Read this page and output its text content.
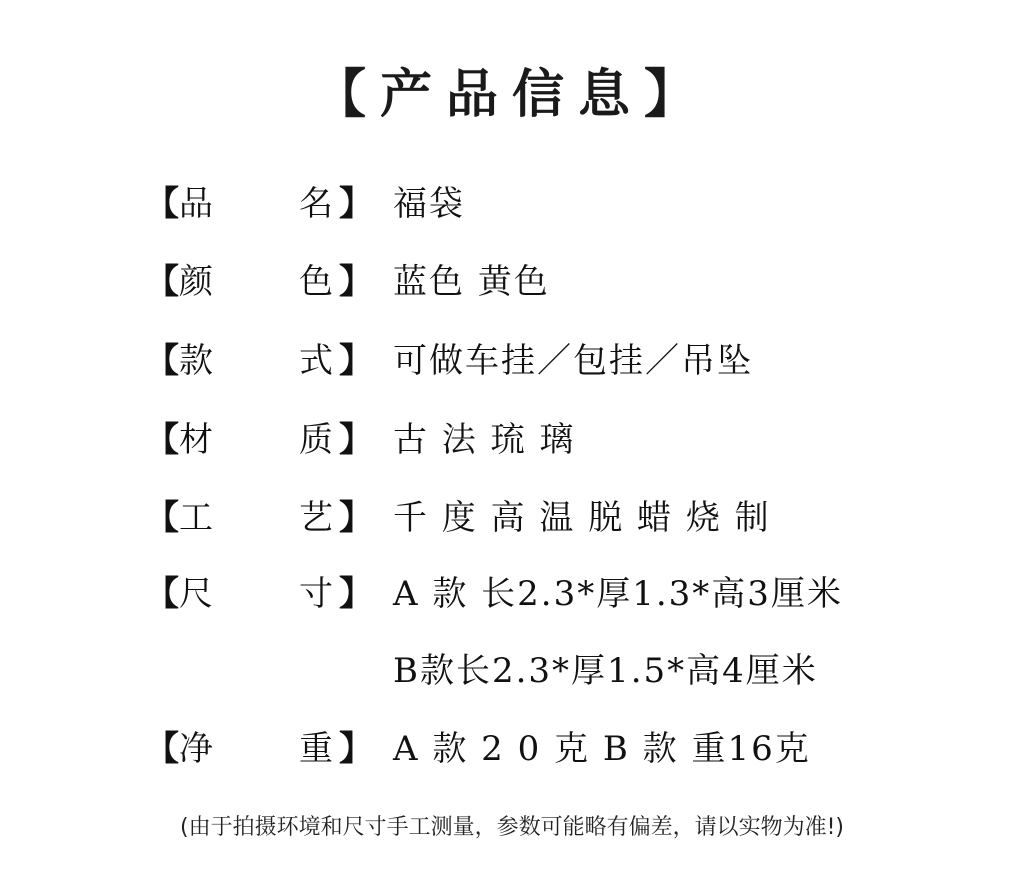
【产品信息】
【 品	名 】 福袋
【 颜	色 】 蓝色 黄色
【 款	式 】 可做车挂／包挂／吊坠
【 材	质 】 古 法 琉 璃
【 工	艺 】 千 度 高 温 脱 蜡 烧 制
【 尺	寸 】 A 款 长2.3*厚1.3*高3厘米
B款长2.3*厚1.5*高4厘米
【 净	重 】 A 款 2 0 克 B 款 重16克
(由于拍摄环境和尺寸手工测量，参数可能略有偏差，请以实物为准!)
